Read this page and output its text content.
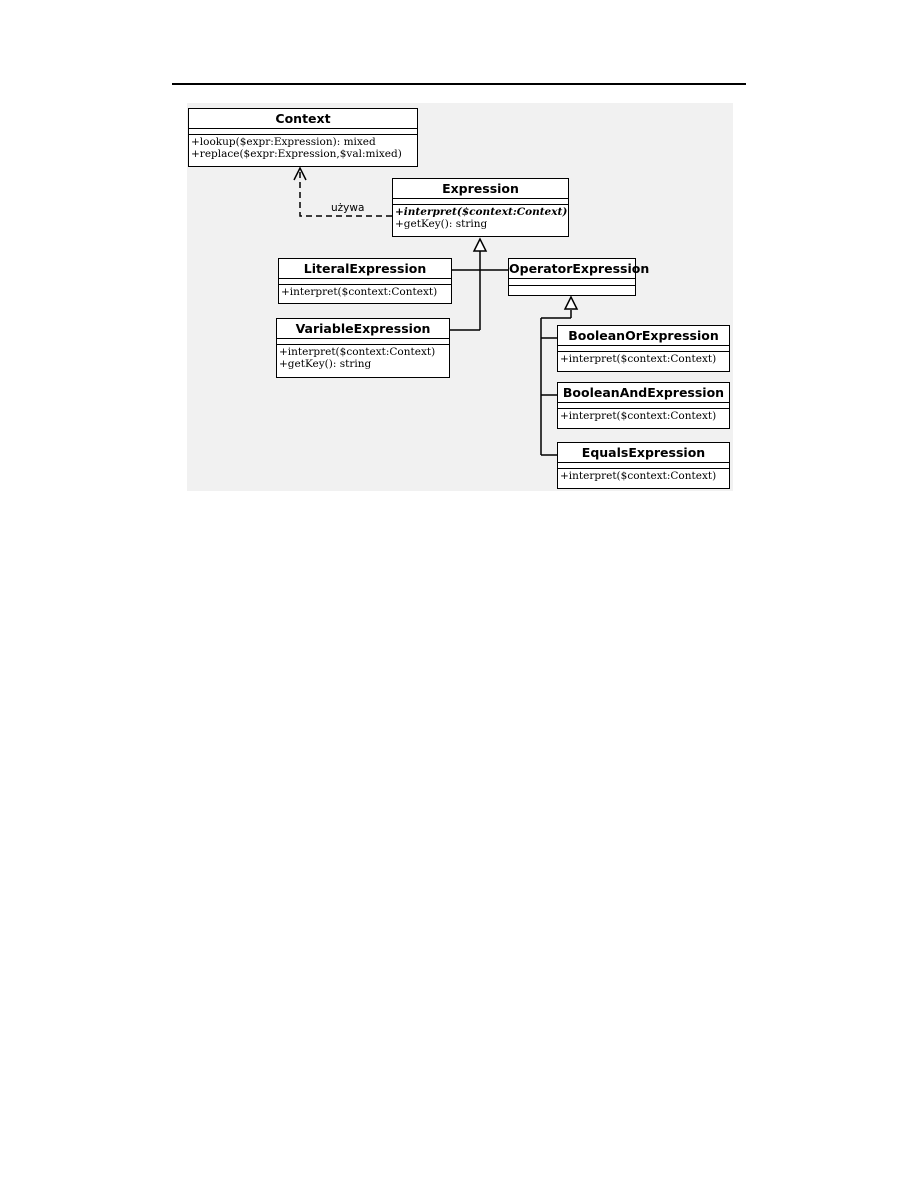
używa
Context
+lookup($expr:Expression): mixed
+replace($expr:Expression,$val:mixed)
Expression
+interpret($context:Context)
+getKey(): string
LiteralExpression
+interpret($context:Context)
VariableExpression
+interpret($context:Context)
+getKey(): string
OperatorExpression
BooleanOrExpression
+interpret($context:Context)
BooleanAndExpression
+interpret($context:Context)
EqualsExpression
+interpret($context:Context)
